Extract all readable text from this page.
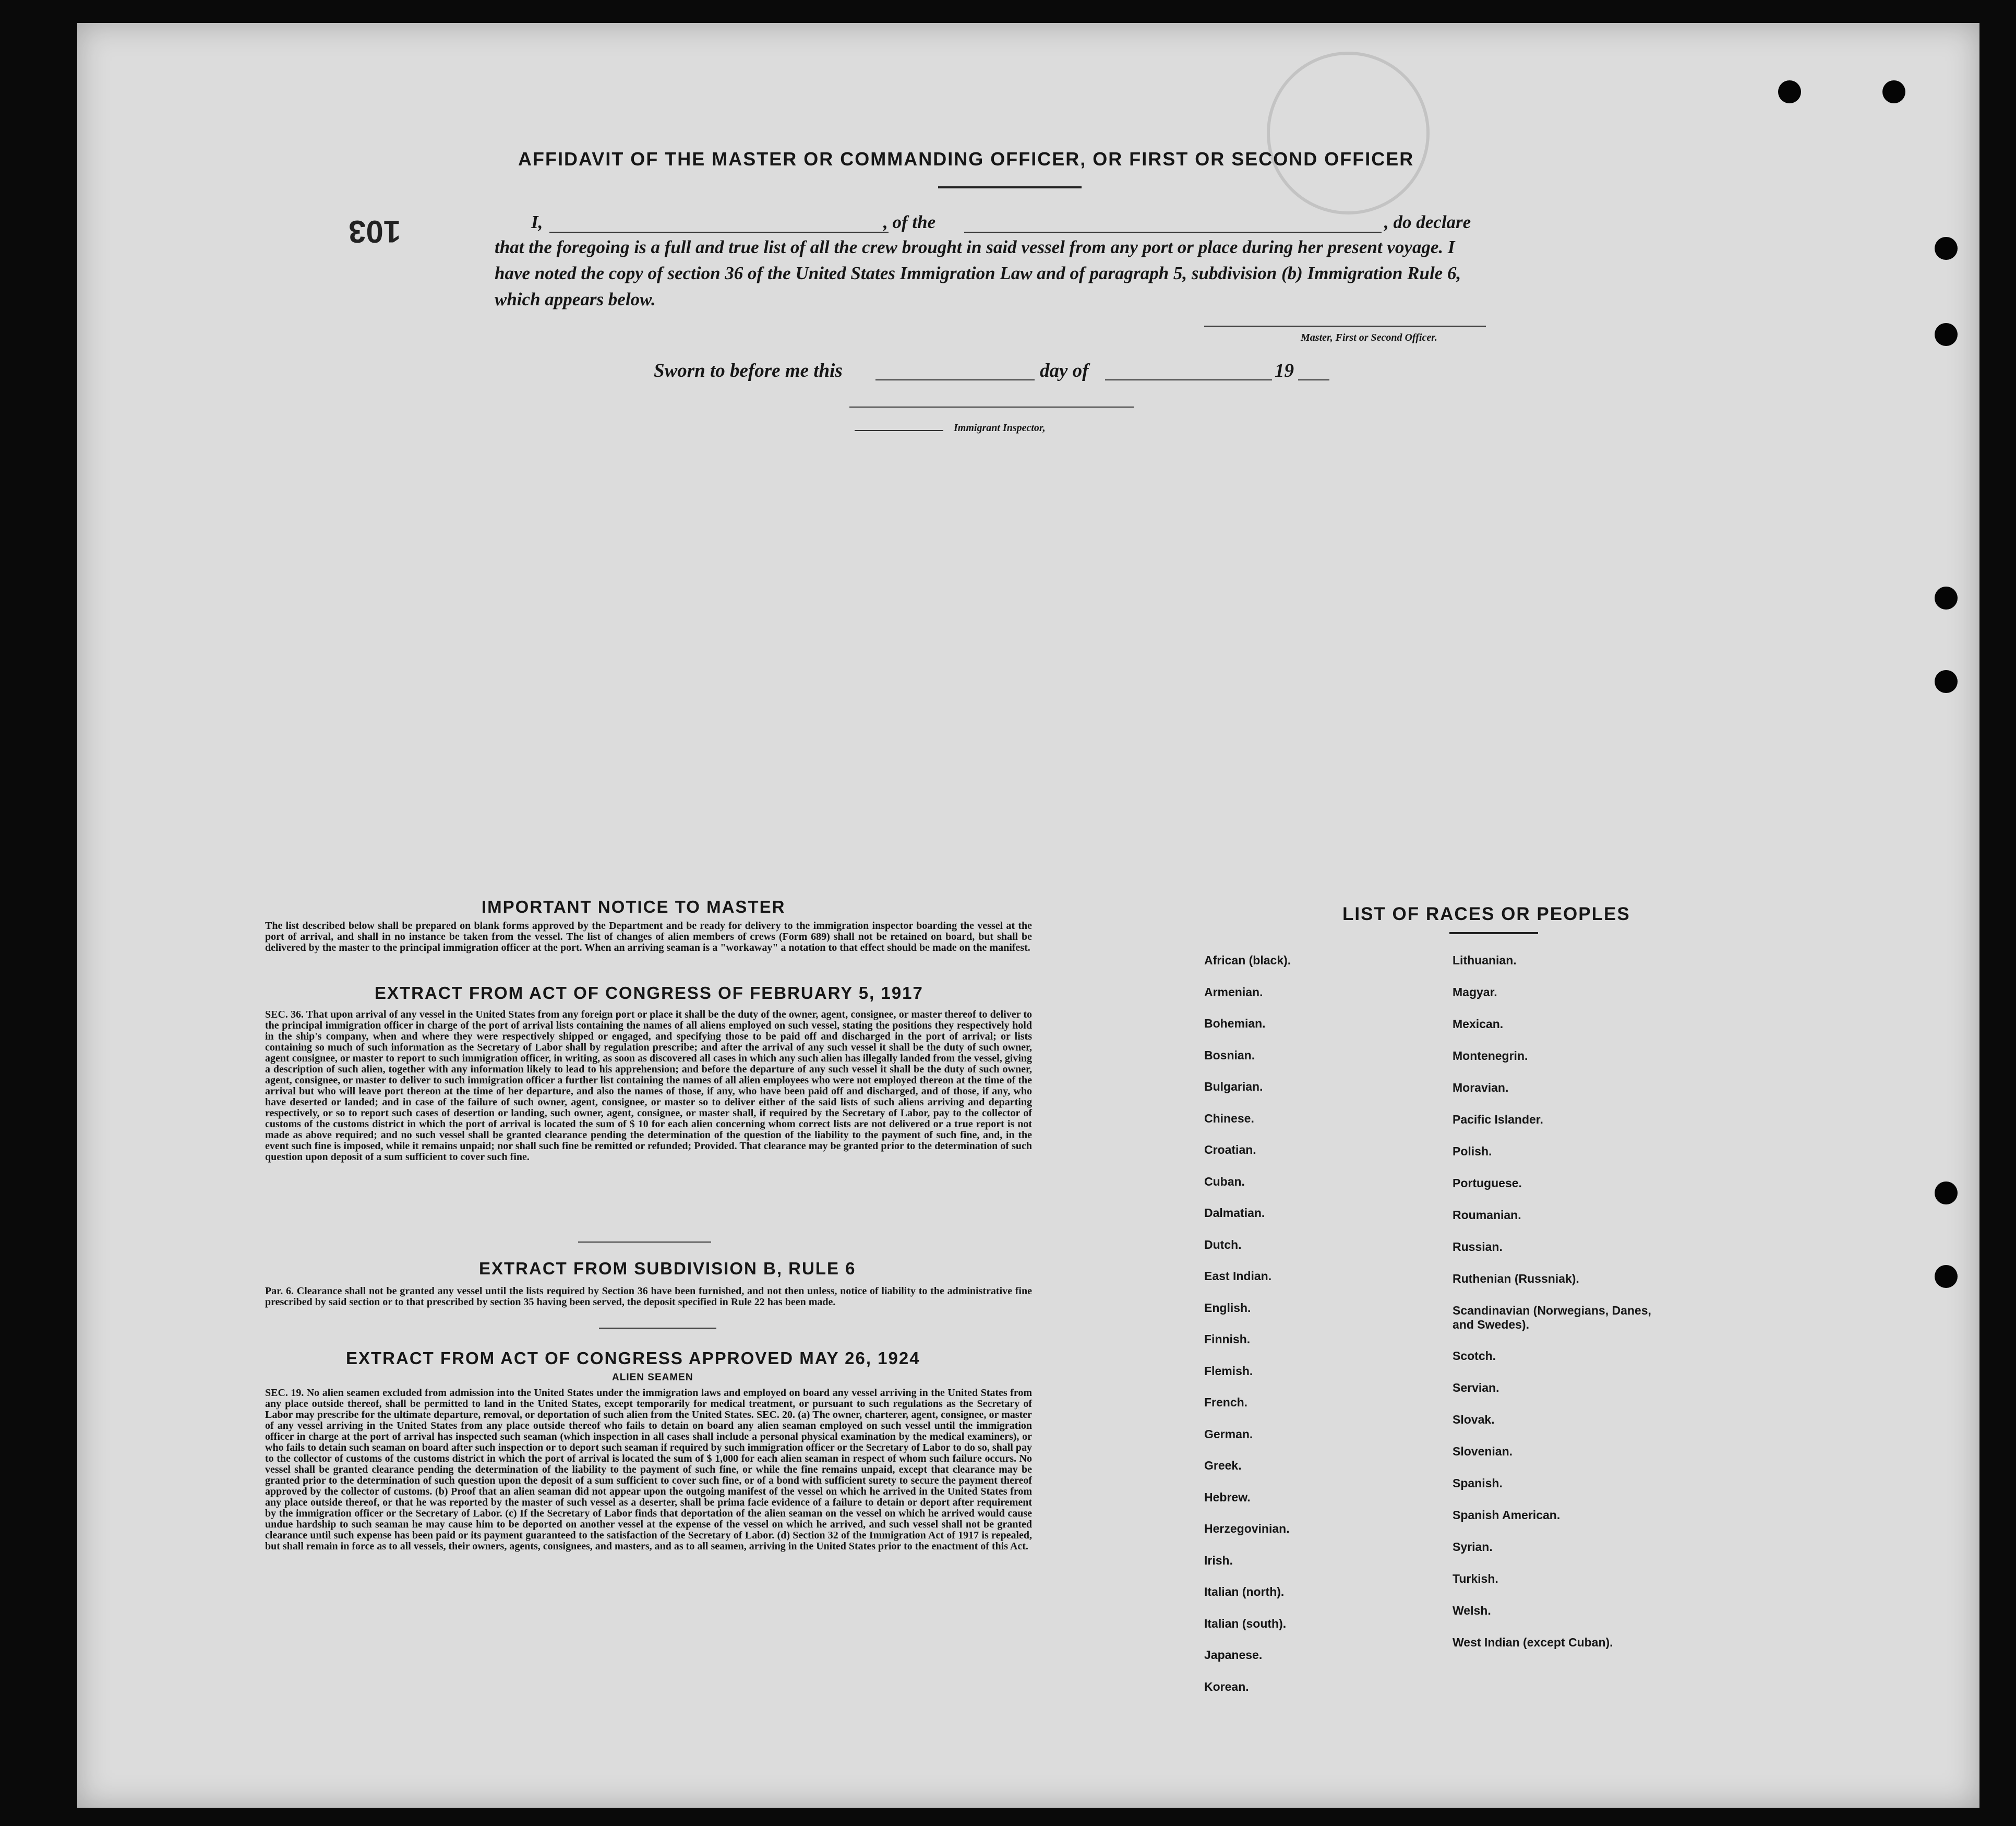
103
AFFIDAVIT OF THE MASTER OR COMMANDING OFFICER, OR FIRST OR SECOND OFFICER
I,	, of the	, do declare
that the foregoing is a full and true list of all the crew brought in said vessel from any port or place during her present voyage. I have noted the copy of section 36 of the United States Immigration Law and of paragraph 5, subdivision (b) Immigration Rule 6, which appears below.
Master, First or Second Officer.
Sworn to before me this	day of	19
Immigrant Inspector,
IMPORTANT NOTICE TO MASTER
The list described below shall be prepared on blank forms approved by the Department and be ready for delivery to the immigration inspector boarding the vessel at the port of arrival, and shall in no instance be taken from the vessel. The list of changes of alien members of crews (Form 689) shall not be retained on board, but shall be delivered by the master to the principal immigration officer at the port. When an arriving seaman is a "workaway" a notation to that effect should be made on the manifest.
EXTRACT FROM ACT OF CONGRESS OF FEBRUARY 5, 1917
SEC. 36. That upon arrival of any vessel in the United States from any foreign port or place it shall be the duty of the owner, agent, consignee, or master thereof to deliver to the principal immigration officer in charge of the port of arrival lists containing the names of all aliens employed on such vessel, stating the positions they respectively hold in the ship's company, when and where they were respectively shipped or engaged, and specifying those to be paid off and discharged in the port of arrival; or lists containing so much of such information as the Secretary of Labor shall by regulation prescribe; and after the arrival of any such vessel it shall be the duty of such owner, agent consignee, or master to report to such immigration officer, in writing, as soon as discovered all cases in which any such alien has illegally landed from the vessel, giving a description of such alien, together with any information likely to lead to his apprehension; and before the departure of any such vessel it shall be the duty of such owner, agent, consignee, or master to deliver to such immigration officer a further list containing the names of all alien employees who were not employed thereon at the time of the arrival but who will leave port thereon at the time of her departure, and also the names of those, if any, who have been paid off and discharged, and of those, if any, who have deserted or landed; and in case of the failure of such owner, agent, consignee, or master so to deliver either of the said lists of such aliens arriving and departing respectively, or so to report such cases of desertion or landing, such owner, agent, consignee, or master shall, if required by the Secretary of Labor, pay to the collector of customs of the customs district in which the port of arrival is located the sum of $ 10 for each alien concerning whom correct lists are not delivered or a true report is not made as above required; and no such vessel shall be granted clearance pending the determination of the question of the liability to the payment of such fine, and, in the event such fine is imposed, while it remains unpaid; nor shall such fine be remitted or refunded; Provided. That clearance may be granted prior to the determination of such question upon deposit of a sum sufficient to cover such fine.
EXTRACT FROM SUBDIVISION B, RULE 6
Par. 6. Clearance shall not be granted any vessel until the lists required by Section 36 have been furnished, and not then unless, notice of liability to the administrative fine prescribed by said section or to that prescribed by section 35 having been served, the deposit specified in Rule 22 has been made.
EXTRACT FROM ACT OF CONGRESS APPROVED MAY 26, 1924
ALIEN SEAMEN
SEC. 19. No alien seamen excluded from admission into the United States under the immigration laws and employed on board any vessel arriving in the United States from any place outside thereof, shall be permitted to land in the United States, except temporarily for medical treatment, or pursuant to such regulations as the Secretary of Labor may prescribe for the ultimate departure, removal, or deportation of such alien from the United States. SEC. 20. (a) The owner, charterer, agent, consignee, or master of any vessel arriving in the United States from any place outside thereof who fails to detain on board any alien seaman employed on such vessel until the immigration officer in charge at the port of arrival has inspected such seaman (which inspection in all cases shall include a personal physical examination by the medical examiners), or who fails to detain such seaman on board after such inspection or to deport such seaman if required by such immigration officer or the Secretary of Labor to do so, shall pay to the collector of customs of the customs district in which the port of arrival is located the sum of $ 1,000 for each alien seaman in respect of whom such failure occurs. No vessel shall be granted clearance pending the determination of the liability to the payment of such fine, or while the fine remains unpaid, except that clearance may be granted prior to the determination of such question upon the deposit of a sum sufficient to cover such fine, or of a bond with sufficient surety to secure the payment thereof approved by the collector of customs. (b) Proof that an alien seaman did not appear upon the outgoing manifest of the vessel on which he arrived in the United States from any place outside thereof, or that he was reported by the master of such vessel as a deserter, shall be prima facie evidence of a failure to detain or deport after requirement by the immigration officer or the Secretary of Labor. (c) If the Secretary of Labor finds that deportation of the alien seaman on the vessel on which he arrived would cause undue hardship to such seaman he may cause him to be deported on another vessel at the expense of the vessel on which he arrived, and such vessel shall not be granted clearance until such expense has been paid or its payment guaranteed to the satisfaction of the Secretary of Labor. (d) Section 32 of the Immigration Act of 1917 is repealed, but shall remain in force as to all vessels, their owners, agents, consignees, and masters, and as to all seamen, arriving in the United States prior to the enactment of this Act.
LIST OF RACES OR PEOPLES
African (black).
Armenian.
Bohemian.
Bosnian.
Bulgarian.
Chinese.
Croatian.
Cuban.
Dalmatian.
Dutch.
East Indian.
English.
Finnish.
Flemish.
French.
German.
Greek.
Hebrew.
Herzegovinian.
Irish.
Italian (north).
Italian (south).
Japanese.
Korean.
Lithuanian.
Magyar.
Mexican.
Montenegrin.
Moravian.
Pacific Islander.
Polish.
Portuguese.
Roumanian.
Russian.
Ruthenian (Russniak).
Scandinavian (Norwegians, Danes, and Swedes).
Scotch.
Servian.
Slovak.
Slovenian.
Spanish.
Spanish American.
Syrian.
Turkish.
Welsh.
West Indian (except Cuban).
